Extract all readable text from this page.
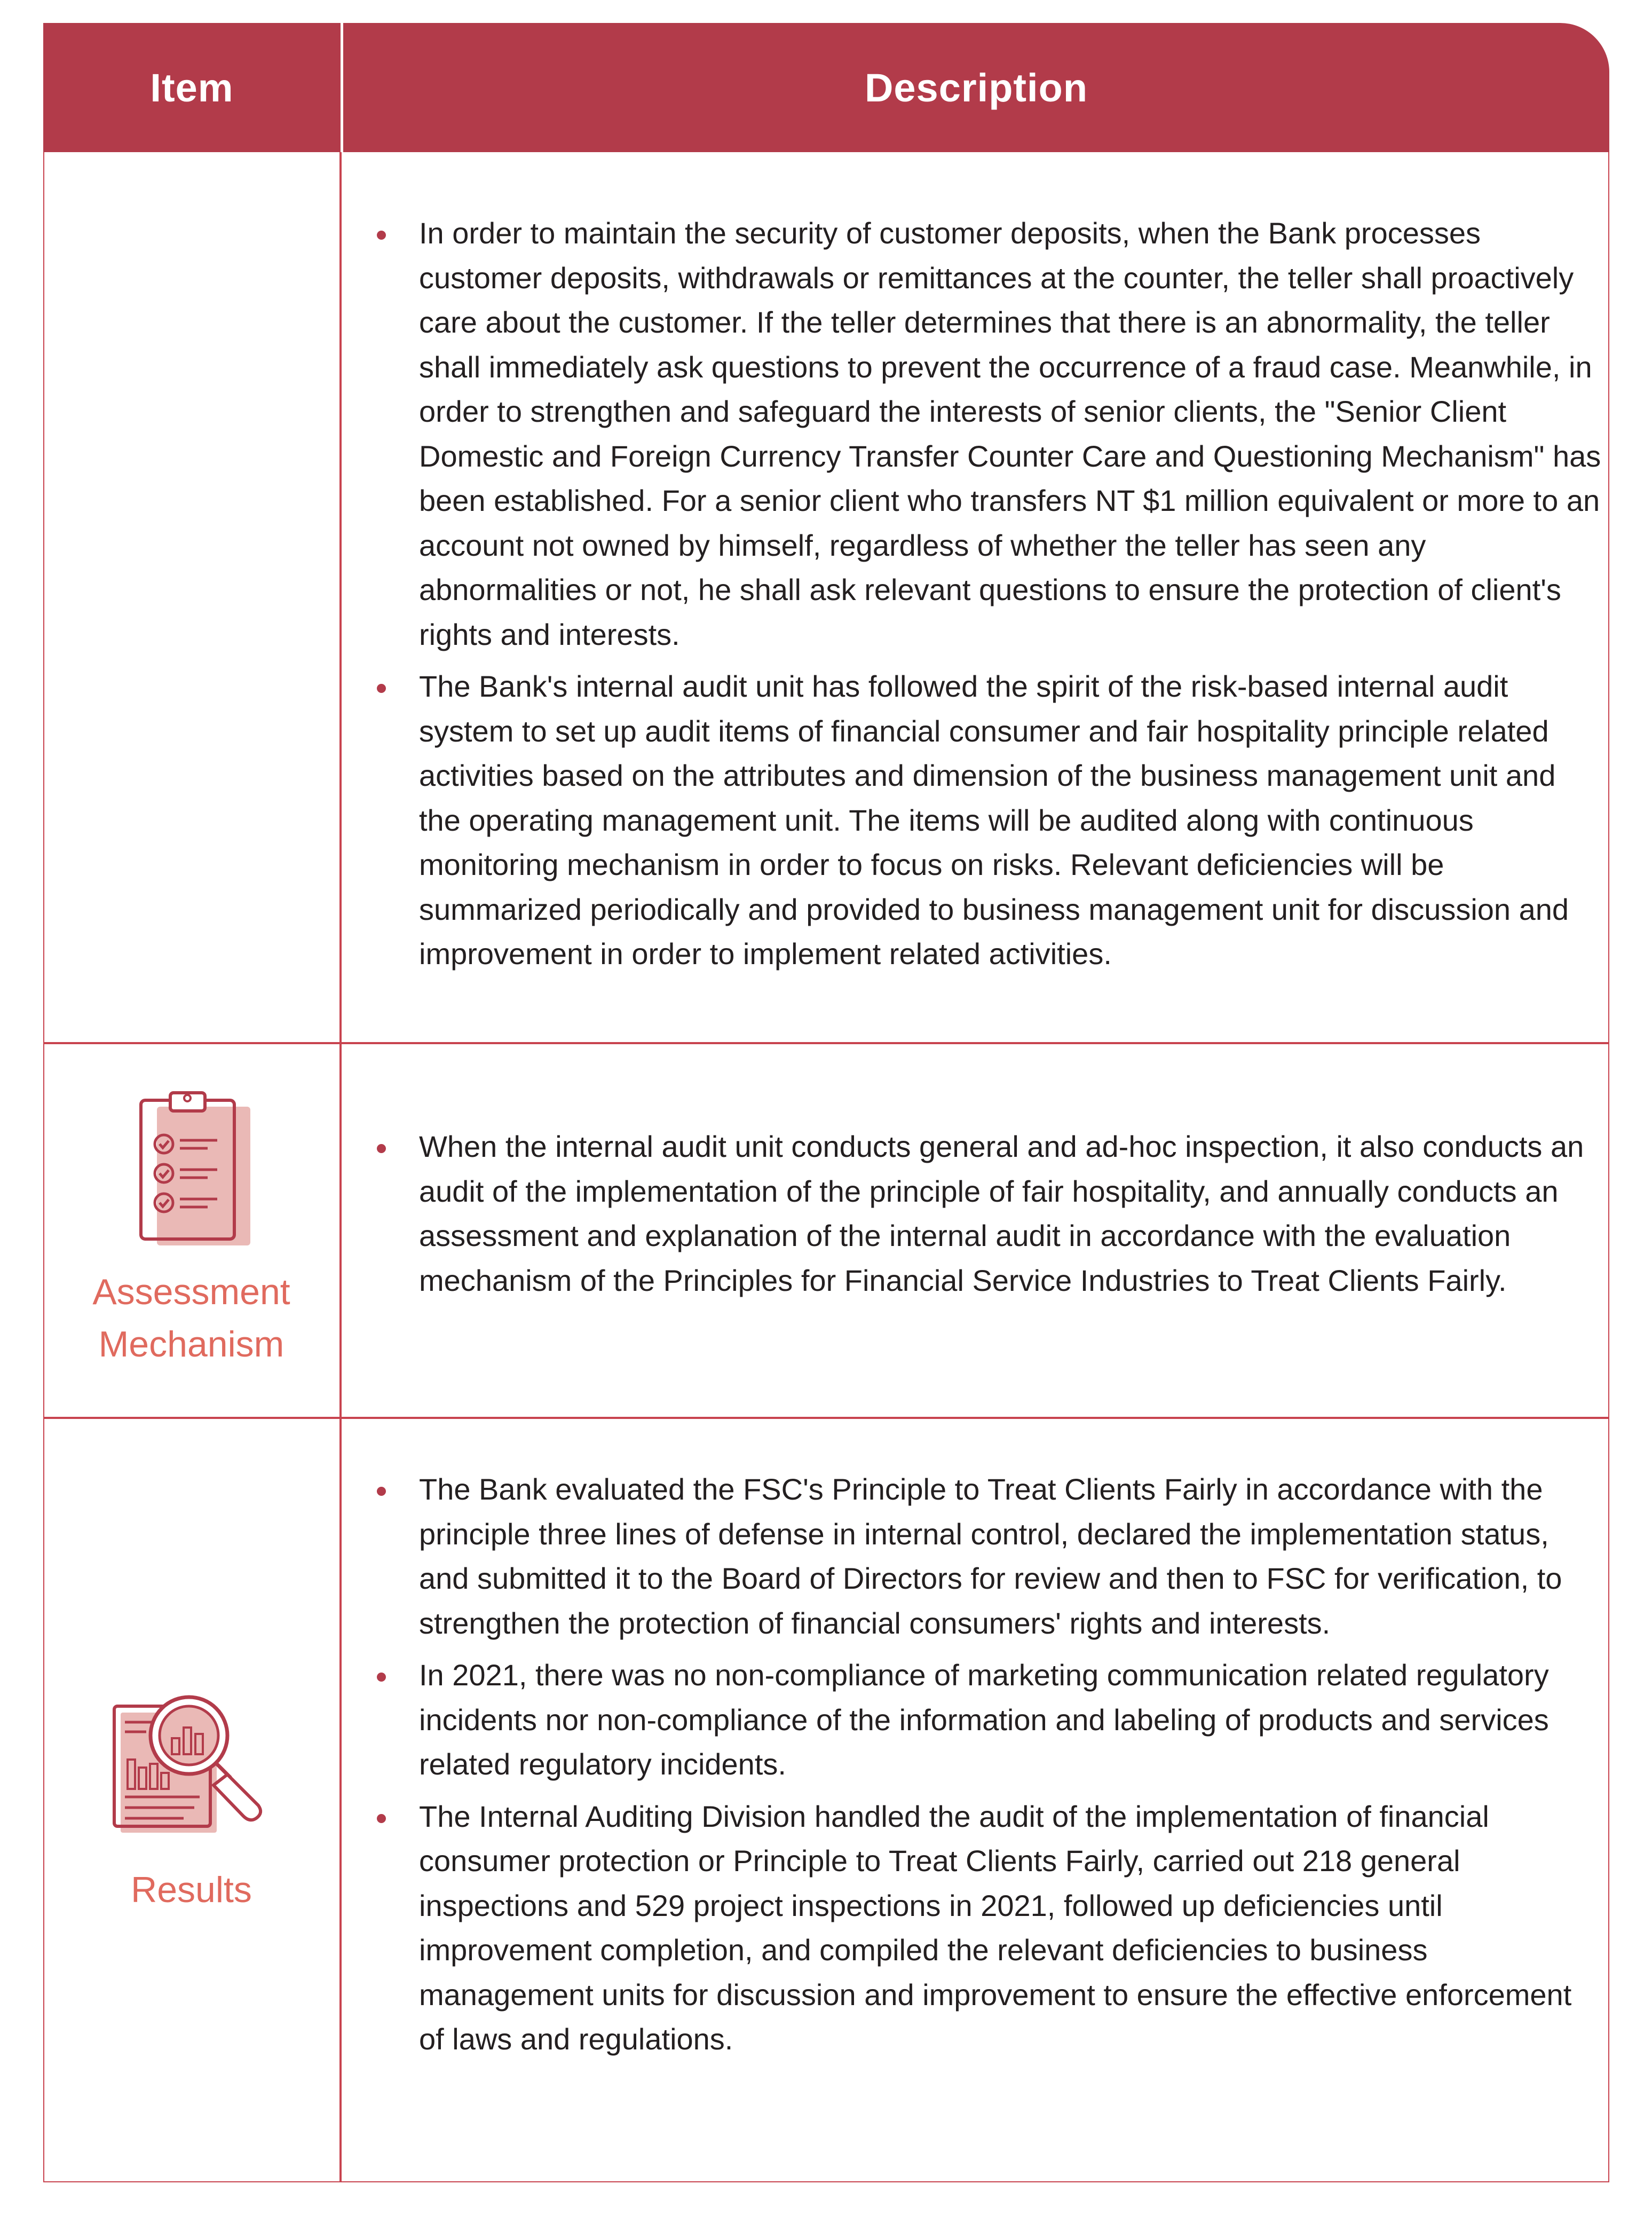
Item	Description
In order to maintain the security of customer deposits, when the Bank processes customer deposits, withdrawals or remittances at the counter, the teller shall proactively care about the customer. If the teller determines that there is an abnormality, the teller shall immediately ask questions to prevent the occurrence of a fraud case. Meanwhile, in order to strengthen and safeguard the interests of senior clients, the "Senior Client Domestic and Foreign Currency Transfer Counter Care and Questioning Mechanism" has been established. For a senior client who transfers NT $1 million equivalent or more to an account not owned by himself, regardless of whether the teller has seen any abnormalities or not, he shall ask relevant questions to ensure the protection of client's rights and interests.
The Bank's internal audit unit has followed the spirit of the risk-based internal audit system to set up audit items of financial consumer and fair hospitality principle related activities based on the attributes and dimension of the business management unit and the operating management unit. The items will be audited along with continuous monitoring mechanism in order to focus on risks. Relevant deficiencies will be summarized periodically and provided to business management unit for discussion and improvement in order to implement related activities.
Assessment
Mechanism
When the internal audit unit conducts general and ad-hoc inspection, it also conducts an audit of the implementation of the principle of fair hospitality, and annually conducts an assessment and explanation of the internal audit in accordance with the evaluation mechanism of the Principles for Financial Service Industries to Treat Clients Fairly.
Results
The Bank evaluated the FSC's Principle to Treat Clients Fairly in accordance with the principle three lines of defense in internal control, declared the implementation status, and submitted it to the Board of Directors for review and then to FSC for verification, to strengthen the protection of financial consumers' rights and interests.
In 2021, there was no non-compliance of marketing communication related regulatory incidents nor non-compliance of the information and labeling of products and services related regulatory incidents.
The Internal Auditing Division handled the audit of the implementation of financial consumer protection or Principle to Treat Clients Fairly, carried out 218 general inspections and 529 project inspections in 2021, followed up deficiencies until improvement completion, and compiled the relevant deficiencies to business management units for discussion and improvement to ensure the effective enforcement of laws and regulations.
